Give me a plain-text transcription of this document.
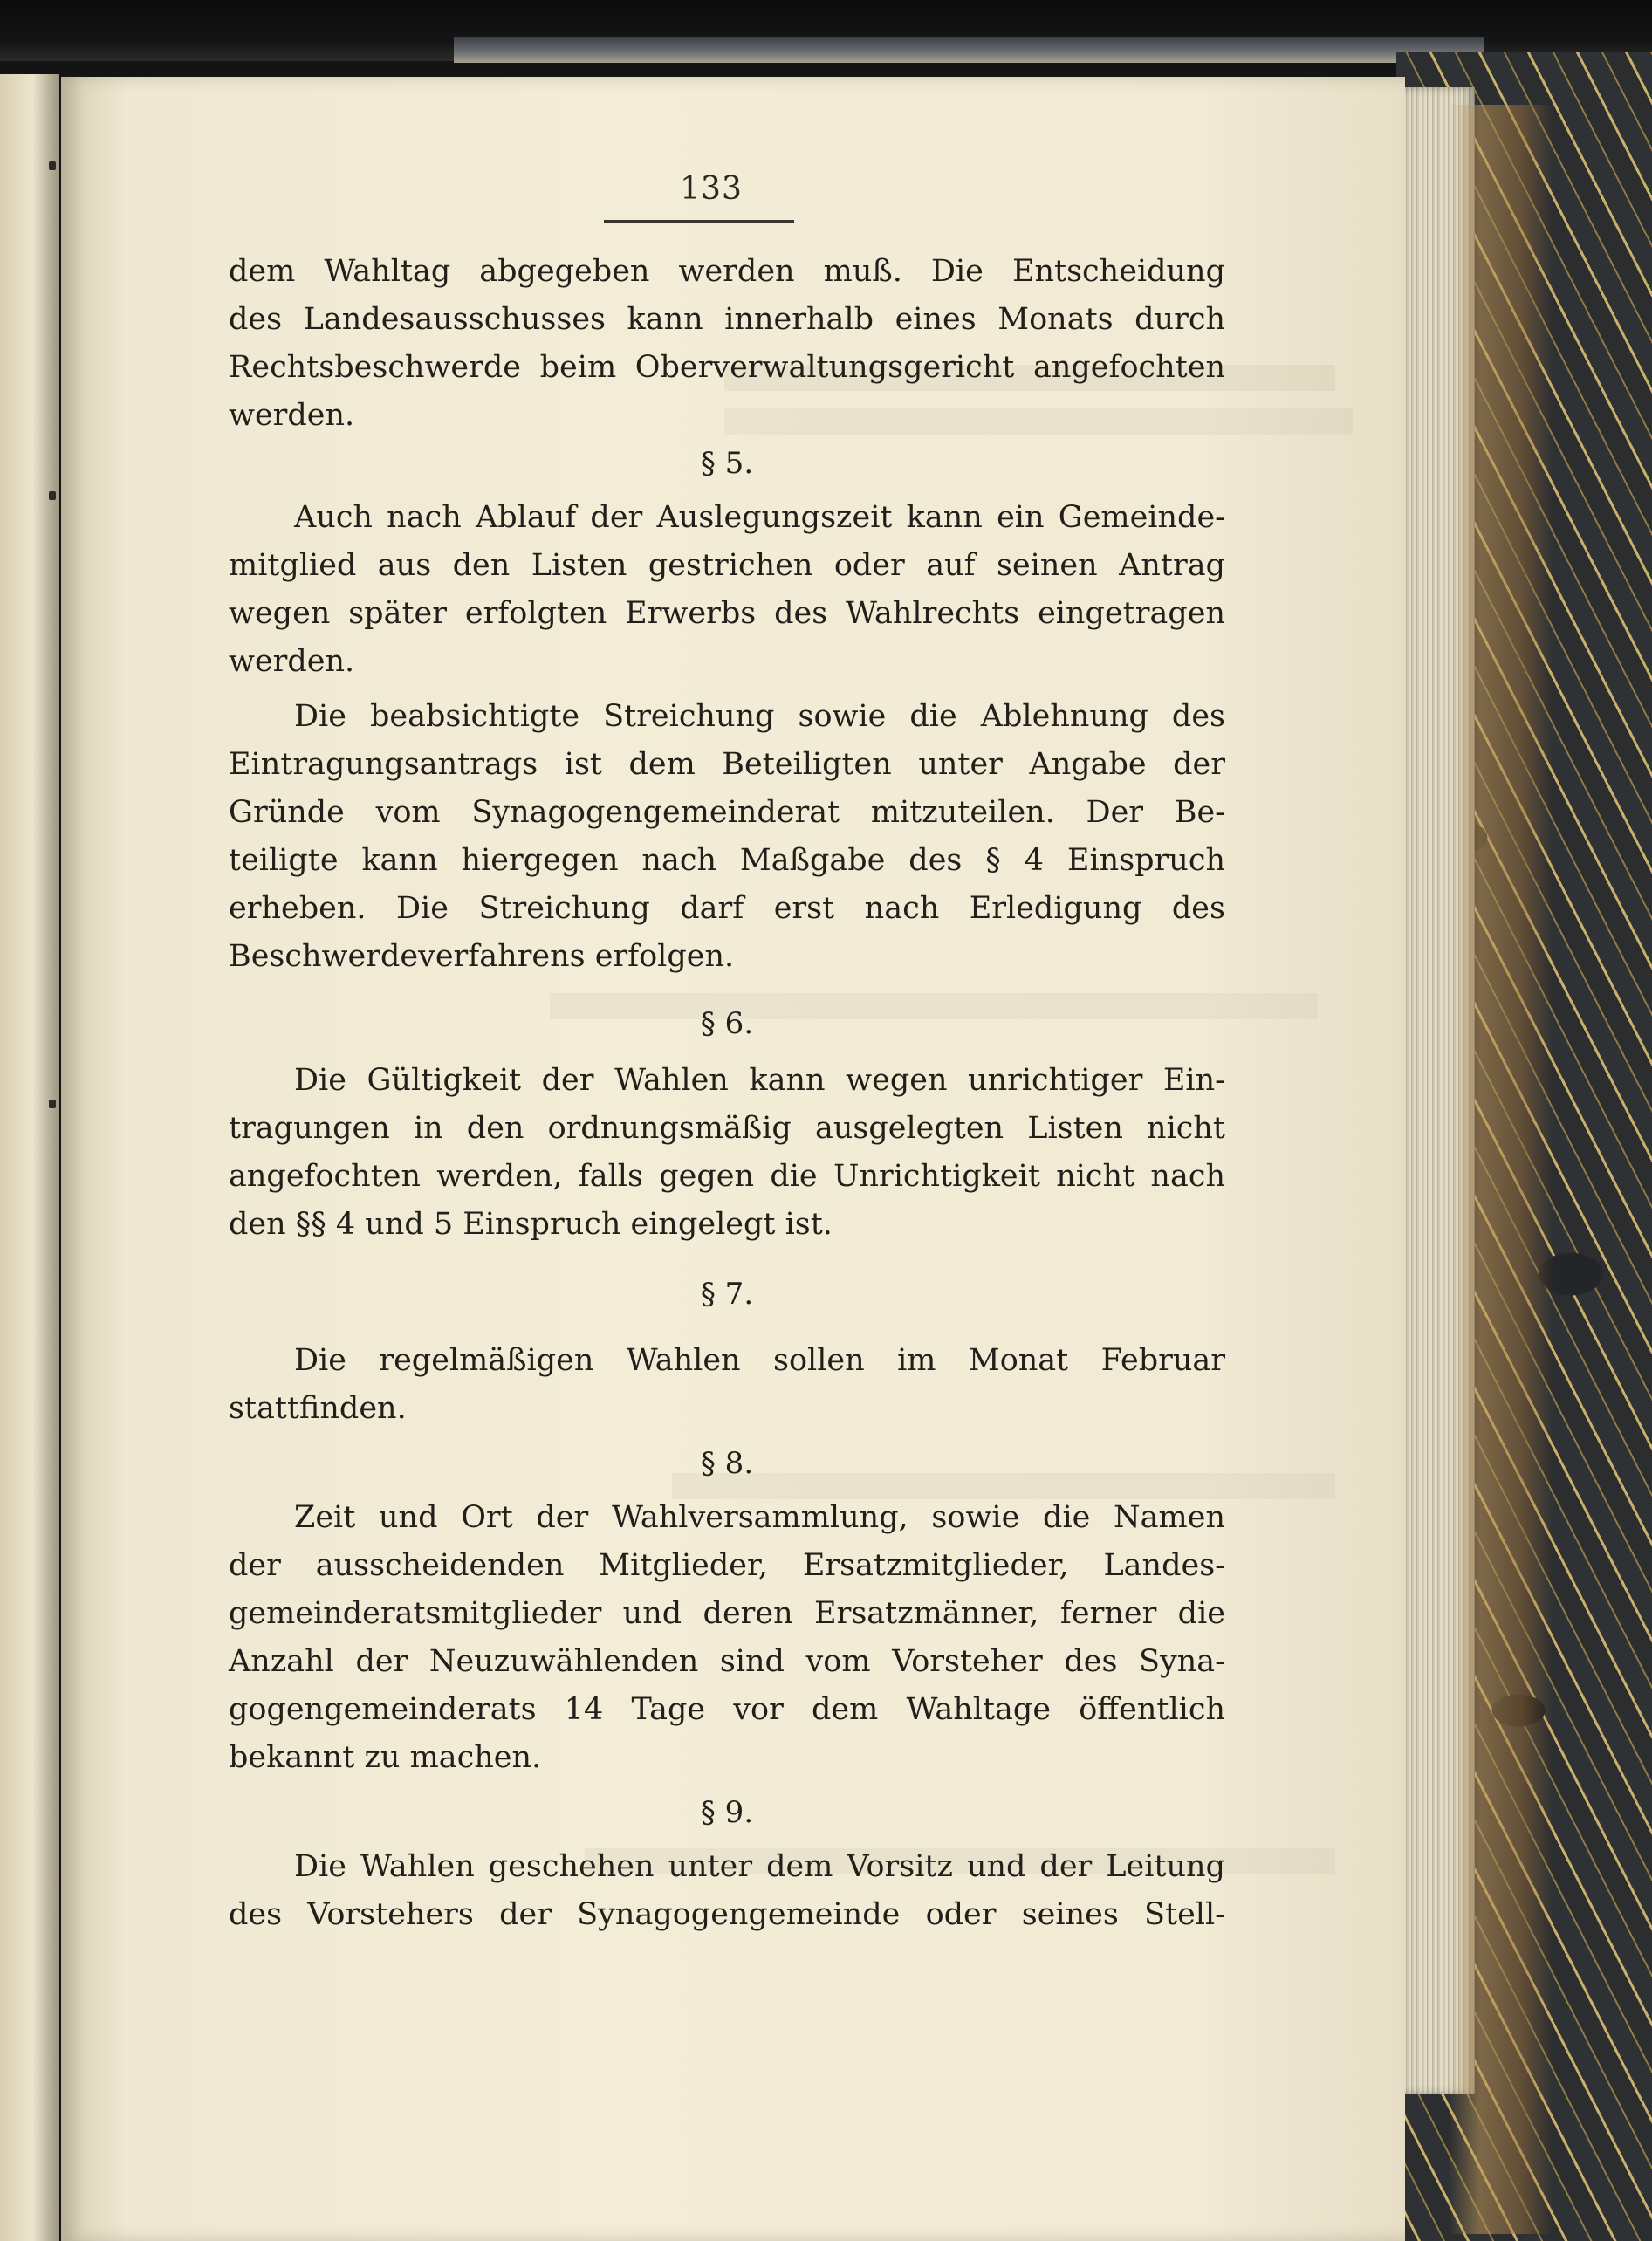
133
dem Wahltag abgegeben werden muß. Die Entscheidung
des Landesausschusses kann innerhalb eines Monats durch
Rechtsbeschwerde beim Oberverwaltungsgericht angefochten
werden.
§ 5.
Auch nach Ablauf der Auslegungszeit kann ein Gemeinde-
mitglied aus den Listen gestrichen oder auf seinen Antrag
wegen später erfolgten Erwerbs des Wahlrechts eingetragen
werden.
Die beabsichtigte Streichung sowie die Ablehnung des
Eintragungsantrags ist dem Beteiligten unter Angabe der
Gründe vom Synagogengemeinderat mitzuteilen. Der Be-
teiligte kann hiergegen nach Maßgabe des § 4 Einspruch
erheben. Die Streichung darf erst nach Erledigung des
Beschwerdeverfahrens erfolgen.
§ 6.
Die Gültigkeit der Wahlen kann wegen unrichtiger Ein-
tragungen in den ordnungsmäßig ausgelegten Listen nicht
angefochten werden, falls gegen die Unrichtigkeit nicht nach
den §§ 4 und 5 Einspruch eingelegt ist.
§ 7.
Die regelmäßigen Wahlen sollen im Monat Februar
stattfinden.
§ 8.
Zeit und Ort der Wahlversammlung, sowie die Namen
der ausscheidenden Mitglieder, Ersatzmitglieder, Landes-
gemeinderatsmitglieder und deren Ersatzmänner, ferner die
Anzahl der Neuzuwählenden sind vom Vorsteher des Syna-
gogengemeinderats 14 Tage vor dem Wahltage öffentlich
bekannt zu machen.
§ 9.
Die Wahlen geschehen unter dem Vorsitz und der Leitung
des Vorstehers der Synagogengemeinde oder seines Stell-
